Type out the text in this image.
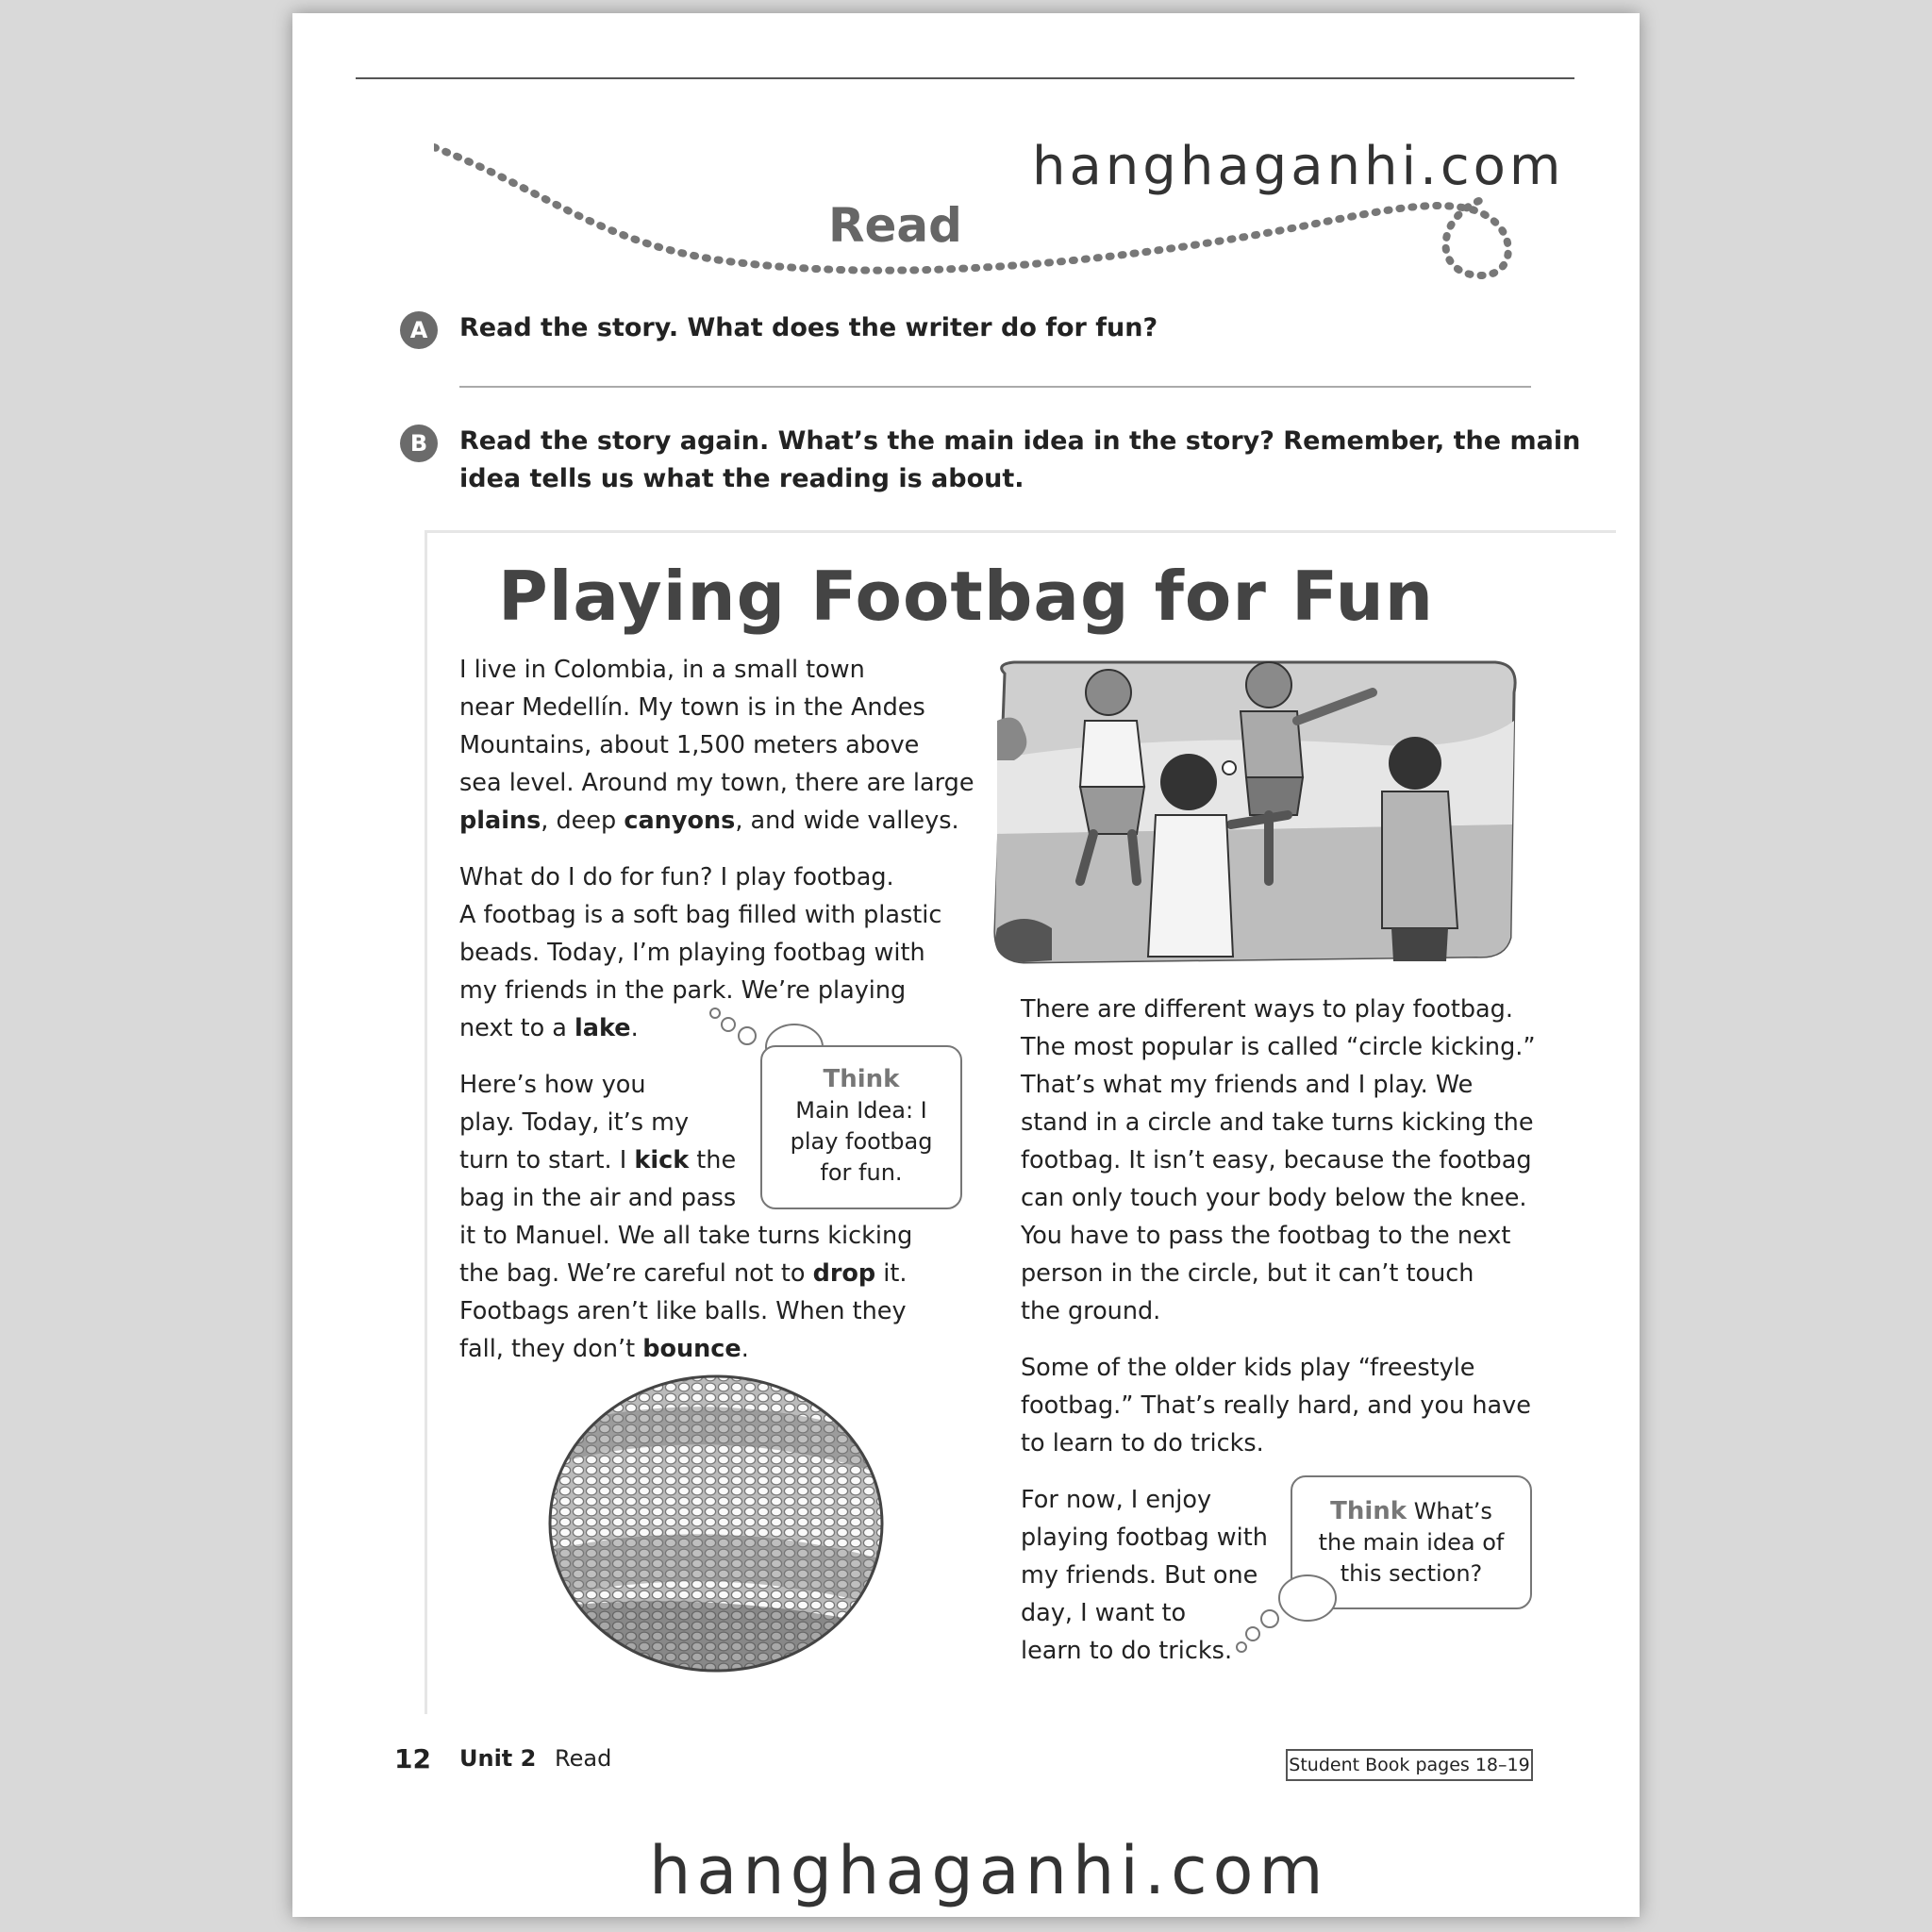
hanghaganhi.com
Read
A	Read the story. What does the writer do for fun?
B	Read the story again. What’s the main idea in the story? Remember, the main
idea tells us what the reading is about.
Playing Footbag for Fun
I live in Colombia, in a small town
near Medellín. My town is in the Andes
Mountains, about 1,500 meters above
sea level. Around my town, there are large
plains, deep canyons, and wide valleys.
What do I do for fun? I play footbag.
A footbag is a soft bag filled with plastic
beads. Today, I’m playing footbag with
my friends in the park. We’re playing
next to a lake.
Here’s how you
play. Today, it’s my
turn to start. I kick the
bag in the air and pass
it to Manuel. We all take turns kicking
the bag. We’re careful not to drop it.
Footbags aren’t like balls. When they
fall, they don’t bounce.
Think
Main Idea: I
play footbag
for fun.
There are different ways to play footbag.
The most popular is called “circle kicking.”
That’s what my friends and I play. We
stand in a circle and take turns kicking the
footbag. It isn’t easy, because the footbag
can only touch your body below the knee.
You have to pass the footbag to the next
person in the circle, but it can’t touch
the ground.
Some of the older kids play “freestyle
footbag.” That’s really hard, and you have
to learn to do tricks.
For now, I enjoy
playing footbag with
my friends. But one
day, I want to
learn to do tricks.
Think What’s
the main idea of
this section?
12 Unit 2 Read	Student Book pages 18–19
hanghaganhi.com
